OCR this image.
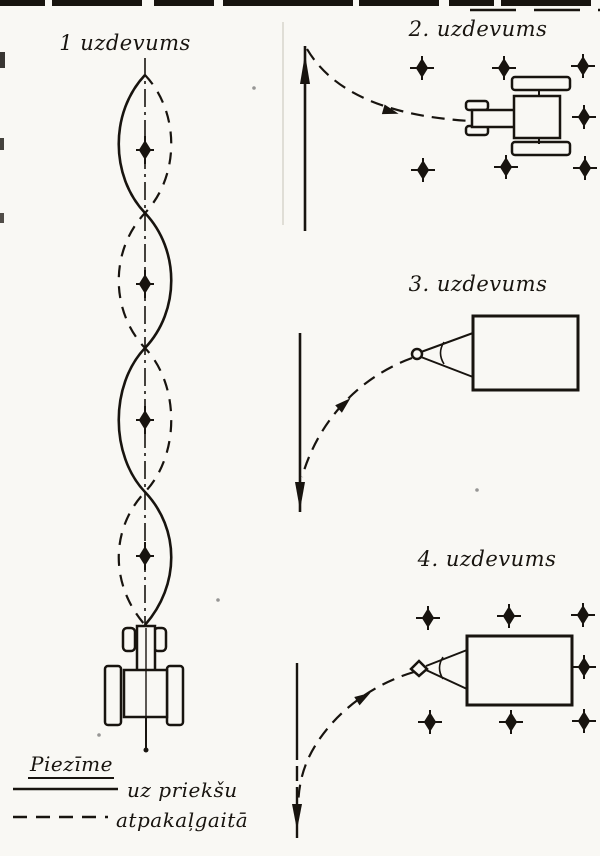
1 uzdevums
2. uzdevums
3. uzdevums
4. uzdevums
Piezīme
uz priekšu
atpakaļgaitā
